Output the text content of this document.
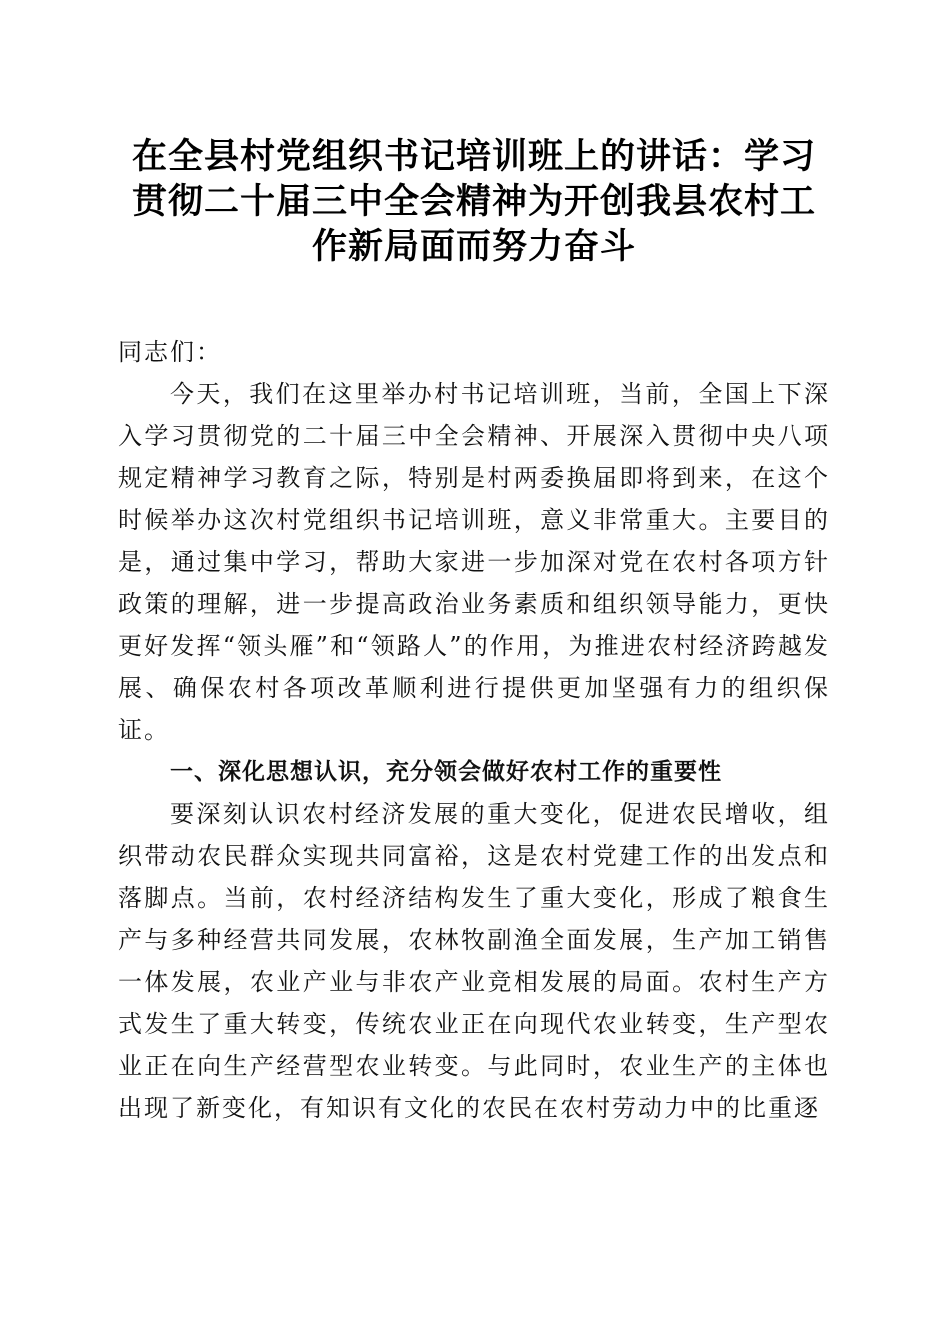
在全县村党组织书记培训班上的讲话：学习贯彻二十届三中全会精神为开创我县农村工作新局面而努力奋斗

同志们：

今天，我们在这里举办村书记培训班，当前，全国上下深入学习贯彻党的二十届三中全会精神、开展深入贯彻中央八项规定精神学习教育之际，特别是村两委换届即将到来，在这个时候举办这次村党组织书记培训班，意义非常重大。主要目的是，通过集中学习，帮助大家进一步加深对党在农村各项方针政策的理解，进一步提高政治业务素质和组织领导能力，更快更好发挥“领头雁”和“领路人”的作用，为推进农村经济跨越发展、确保农村各项改革顺利进行提供更加坚强有力的组织保证。

一、深化思想认识，充分领会做好农村工作的重要性

要深刻认识农村经济发展的重大变化，促进农民增收，组织带动农民群众实现共同富裕，这是农村党建工作的出发点和落脚点。当前，农村经济结构发生了重大变化，形成了粮食生产与多种经营共同发展，农林牧副渔全面发展，生产加工销售一体发展，农业产业与非农产业竞相发展的局面。农村生产方式发生了重大转变，传统农业正在向现代农业转变，生产型农业正在向生产经营型农业转变。与此同时，农业生产的主体也出现了新变化，有知识有文化的农民在农村劳动力中的比重逐
